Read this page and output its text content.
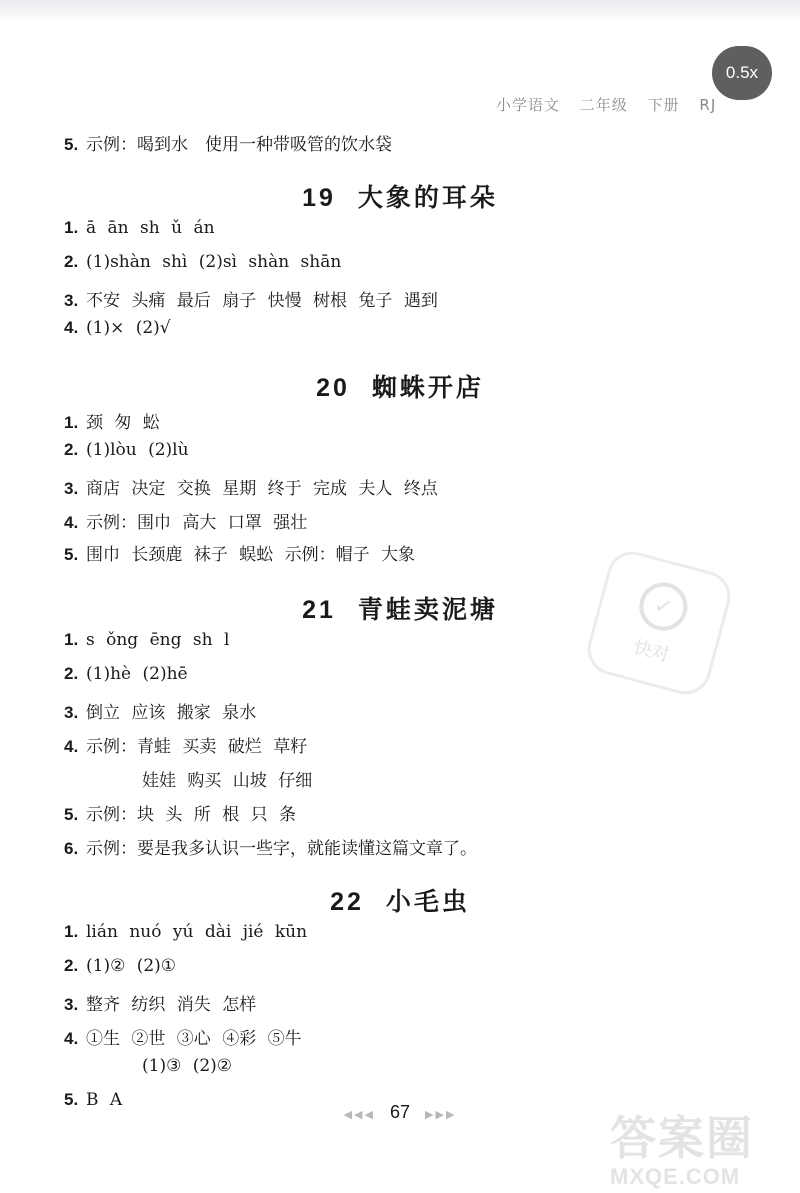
0.5x
小学语文 二年级 下册 RJ
5. 示例：喝到水　使用一种带吸管的饮水袋
19 大象的耳朵
1. ā ān sh ǔ án
2. (1)shàn shì (2)sì shàn shān
3. 不安 头痛 最后 扇子 快慢 树根 兔子 遇到
4. (1)× (2)√
20 蜘蛛开店
1. 颈 匆 蚣
2. (1)lòu (2)lù
3. 商店 决定 交换 星期 终于 完成 夫人 终点
4. 示例：围巾 高大 口罩 强壮
5. 围巾 长颈鹿 袜子 蜈蚣 示例：帽子 大象
21 青蛙卖泥塘
1. s ǒng ēng sh l
2. (1)hè (2)hē
3. 倒立 应该 搬家 泉水
4. 示例：青蛙 买卖 破烂 草籽
娃娃 购买 山坡 仔细
5. 示例：块 头 所 根 只 条
6. 示例：要是我多认识一些字，就能读懂这篇文章了。
22 小毛虫
1. lián nuó yú dài jié kūn
2. (1)② (2)①
3. 整齐 纺织 消失 怎样
4. ①生 ②世 ③心 ④彩 ⑤牛
(1)③ (2)②
5. B A
✓
快对
答案圈
MXQE.COM
◀◀◀ 67 ▶▶▶
